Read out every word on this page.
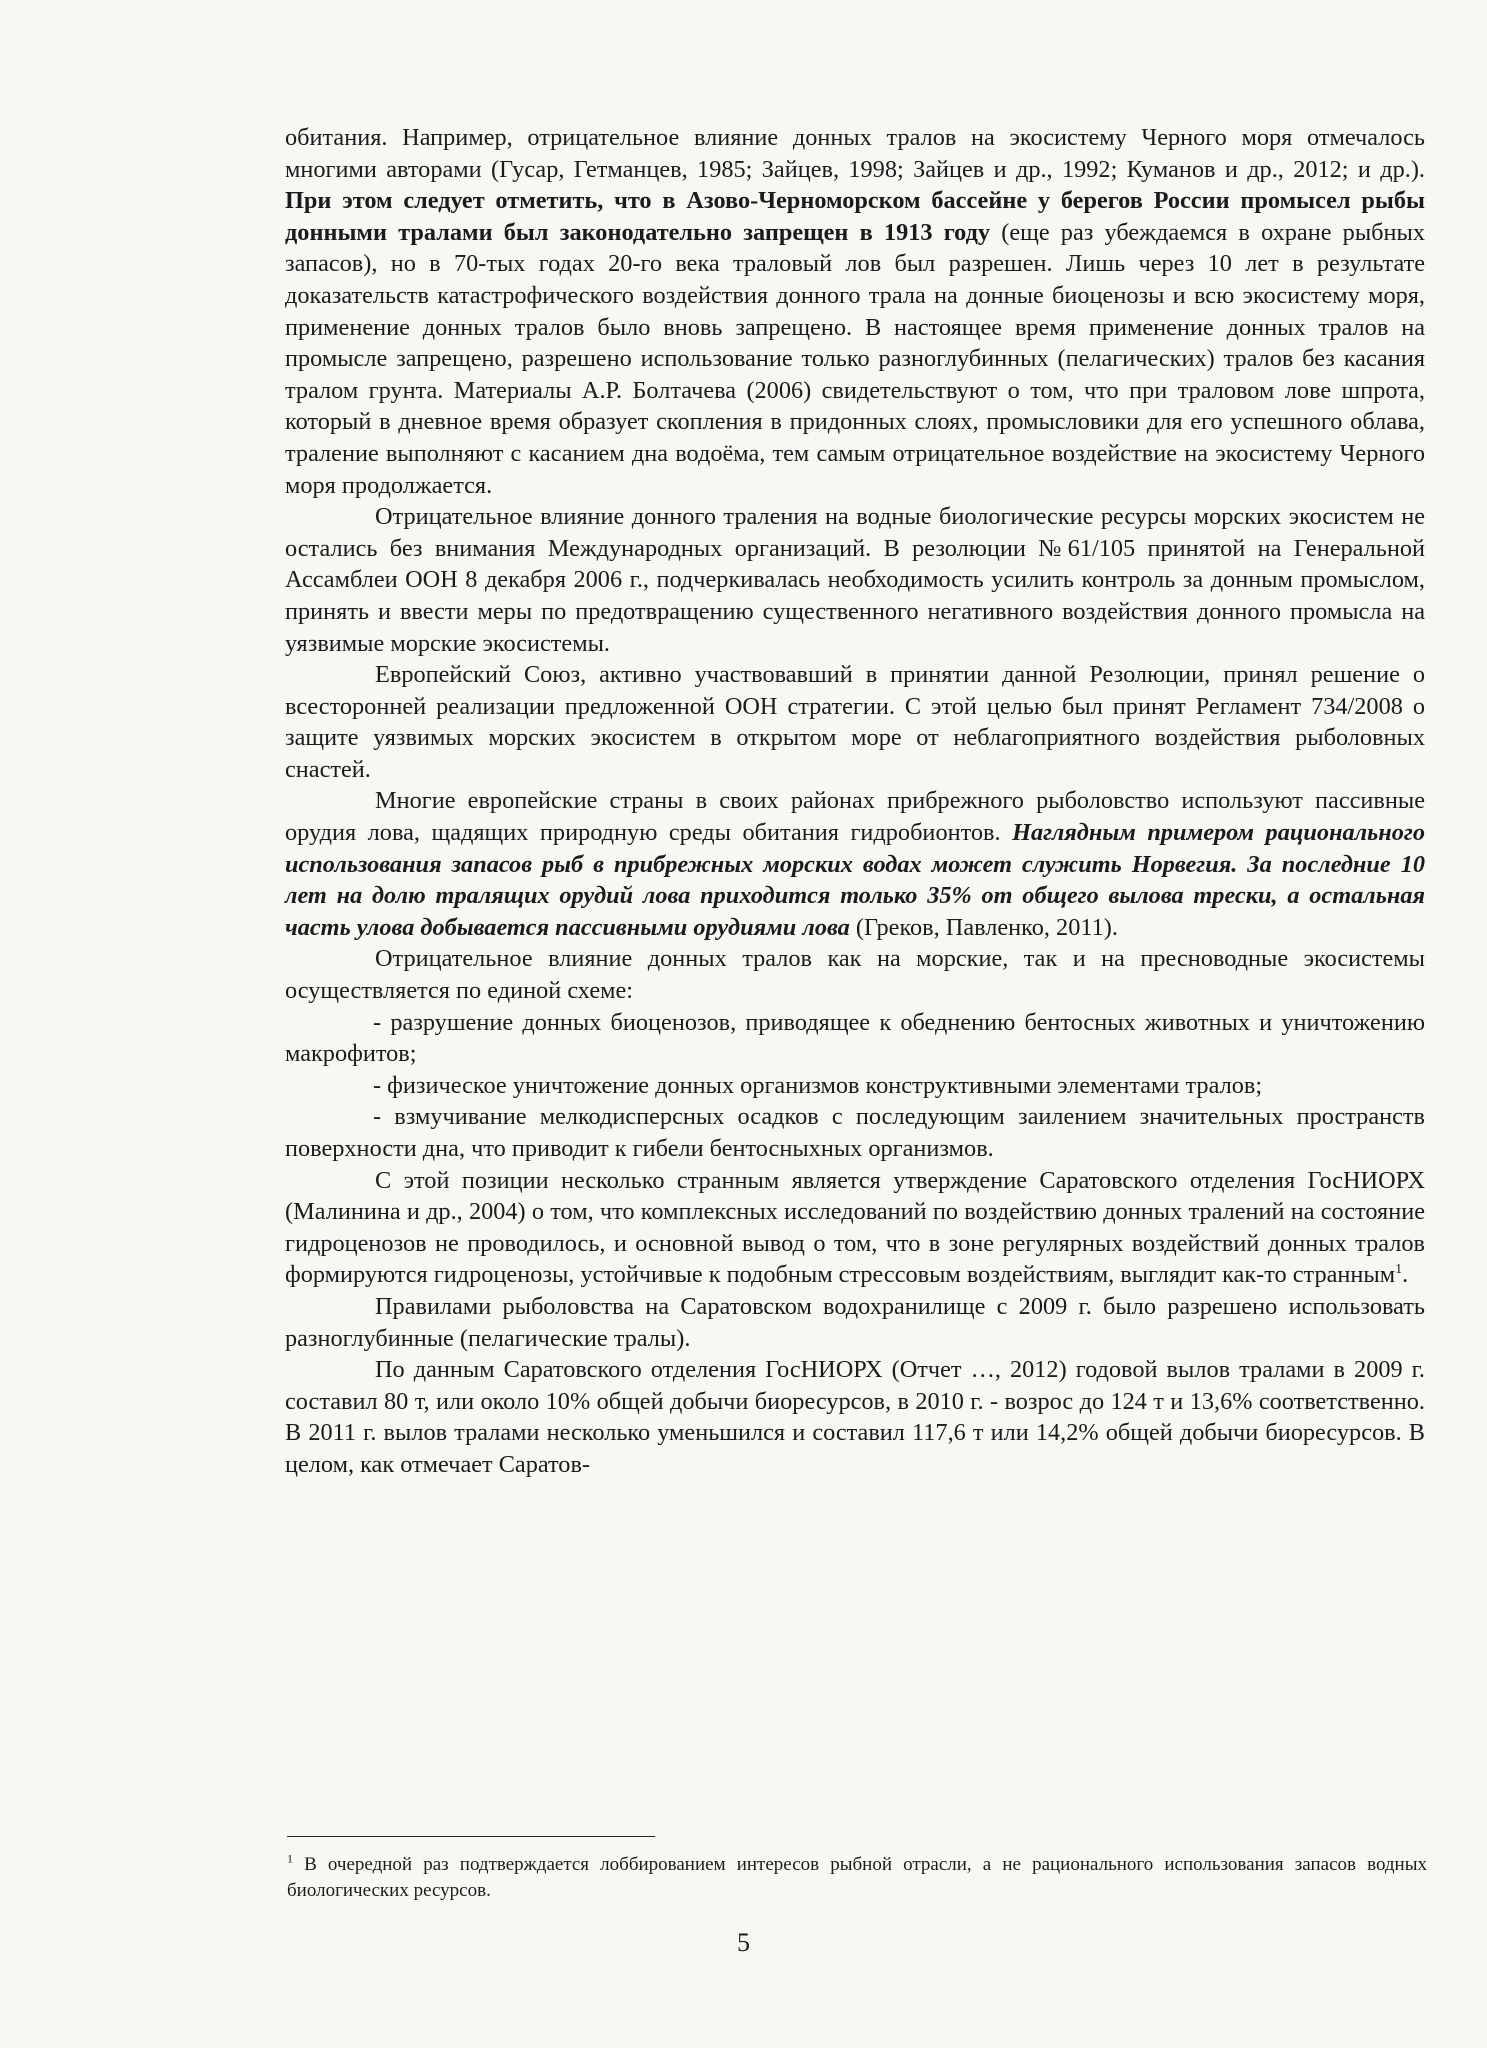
обитания. Например, отрицательное влияние донных тралов на экосистему Черного моря отмечалось многими авторами (Гусар, Гетманцев, 1985; Зайцев, 1998; Зайцев и др., 1992; Куманов и др., 2012; и др.). При этом следует отметить, что в Азово-Черноморском бассейне у берегов России промысел рыбы донными тралами был законодательно запрещен в 1913 году (еще раз убеждаемся в охране рыбных запасов), но в 70-тых годах 20-го века траловый лов был разрешен. Лишь через 10 лет в результате доказательств катастрофического воздействия донного трала на донные биоценозы и всю экосистему моря, применение донных тралов было вновь запрещено. В настоящее время применение донных тралов на промысле запрещено, разрешено использование только разноглубинных (пелагических) тралов без касания тралом грунта. Материалы А.Р. Болтачева (2006) свидетельствуют о том, что при траловом лове шпрота, который в дневное время образует скопления в придонных слоях, промысловики для его успешного облава, траление выполняют с касанием дна водоёма, тем самым отрицательное воздействие на экосистему Черного моря продолжается.

Отрицательное влияние донного траления на водные биологические ресурсы морских экосистем не остались без внимания Международных организаций. В резолюции №61/105 принятой на Генеральной Ассамблеи ООН 8 декабря 2006 г., подчеркивалась необходимость усилить контроль за донным промыслом, принять и ввести меры по предотвращению существенного негативного воздействия донного промысла на уязвимые морские экосистемы.

Европейский Союз, активно участвовавший в принятии данной Резолюции, принял решение о всесторонней реализации предложенной ООН стратегии. С этой целью был принят Регламент 734/2008 о защите уязвимых морских экосистем в открытом море от неблагоприятного воздействия рыболовных снастей.

Многие европейские страны в своих районах прибрежного рыболовство используют пассивные орудия лова, щадящих природную среды обитания гидробионтов. Наглядным примером рационального использования запасов рыб в прибрежных морских водах может служить Норвегия. За последние 10 лет на долю тралящих орудий лова приходится только 35% от общего вылова трески, а остальная часть улова добывается пассивными орудиями лова (Греков, Павленко, 2011).

Отрицательное влияние донных тралов как на морские, так и на пресноводные экосистемы осуществляется по единой схеме:

- разрушение донных биоценозов, приводящее к обеднению бентосных животных и уничтожению макрофитов;

- физическое уничтожение донных организмов конструктивными элементами тралов;

- взмучивание мелкодисперсных осадков с последующим заилением значительных пространств поверхности дна, что приводит к гибели бентосныхных организмов.

С этой позиции несколько странным является утверждение Саратовского отделения ГосНИОРХ (Малинина и др., 2004) о том, что комплексных исследований по воздействию донных тралений на состояние гидроценозов не проводилось, и основной вывод о том, что в зоне регулярных воздействий донных тралов формируются гидроценозы, устойчивые к подобным стрессовым воздействиям, выглядит как-то странным$^1$.

Правилами рыболовства на Саратовском водохранилище с 2009 г. было разрешено использовать разноглубинные (пелагические тралы).

По данным Саратовского отделения ГосНИОРХ (Отчет …, 2012) годовой вылов тралами в 2009 г. составил 80 т, или около 10% общей добычи биоресурсов, в 2010 г. - возрос до 124 т и 13,6% соответственно. В 2011 г. вылов тралами несколько уменьшился и составил 117,6 т или 14,2% общей добычи биоресурсов. В целом, как отмечает Саратов-

$^1$ В очередной раз подтверждается лоббированием интересов рыбной отрасли, а не рационального использования запасов водных биологических ресурсов.
5
